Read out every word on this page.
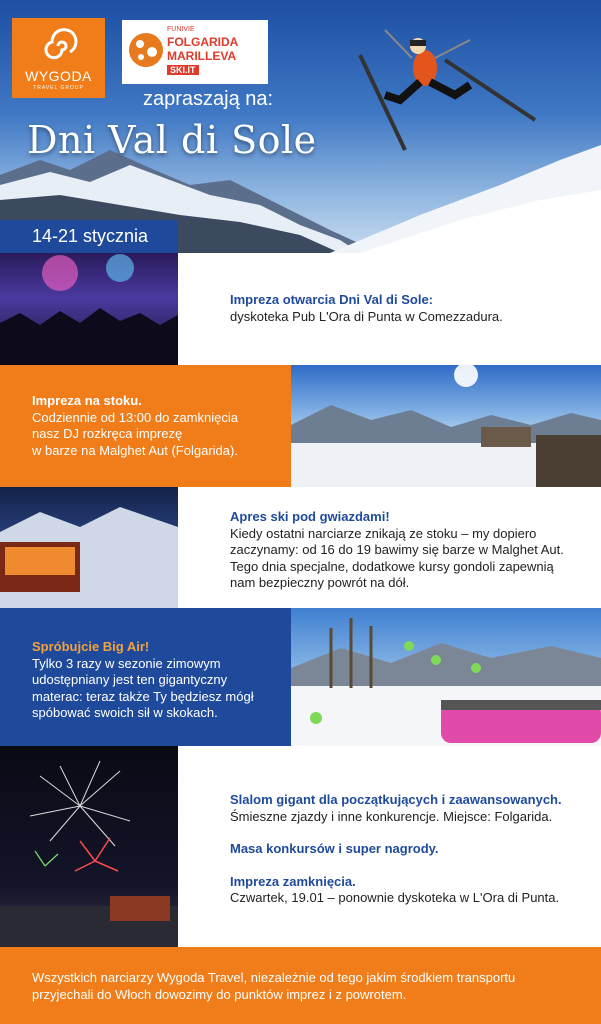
WYGODA
TRAVEL GROUP
FUNIVIE
FOLGARIDA
MARILLEVA
SKI.IT
zapraszają na:
Dni Val di Sole
14-21 stycznia
Impreza otwarcia Dni Val di Sole:
dyskoteka Pub L'Ora di Punta w Comezzadura.
Impreza na stoku.
Codziennie od 13:00 do zamknięcia
nasz DJ rozkręca imprezę
w barze na Malghet Aut (Folgarida).
Apres ski pod gwiazdami!
Kiedy ostatni narciarze znikają ze stoku – my dopiero
zaczynamy: od 16 do 19 bawimy się barze w Malghet Aut.
Tego dnia specjalne, dodatkowe kursy gondoli zapewnią
nam bezpieczny powrót na dół.
Spróbujcie Big Air!
Tylko 3 razy w sezonie zimowym
udostępniany jest ten gigantyczny
materac: teraz także Ty będziesz mógł
spóbować swoich sił w skokach.
Slalom gigant dla początkujących i zaawansowanych.
Śmieszne zjazdy i inne konkurencje. Miejsce: Folgarida.
Masa konkursów i super nagrody.
Impreza zamknięcia.
Czwartek, 19.01 – ponownie dyskoteka w L'Ora di Punta.
Wszystkich narciarzy Wygoda Travel, niezależnie od tego jakim środkiem transportu przyjechali do Włoch dowozimy do punktów imprez i z powrotem.
